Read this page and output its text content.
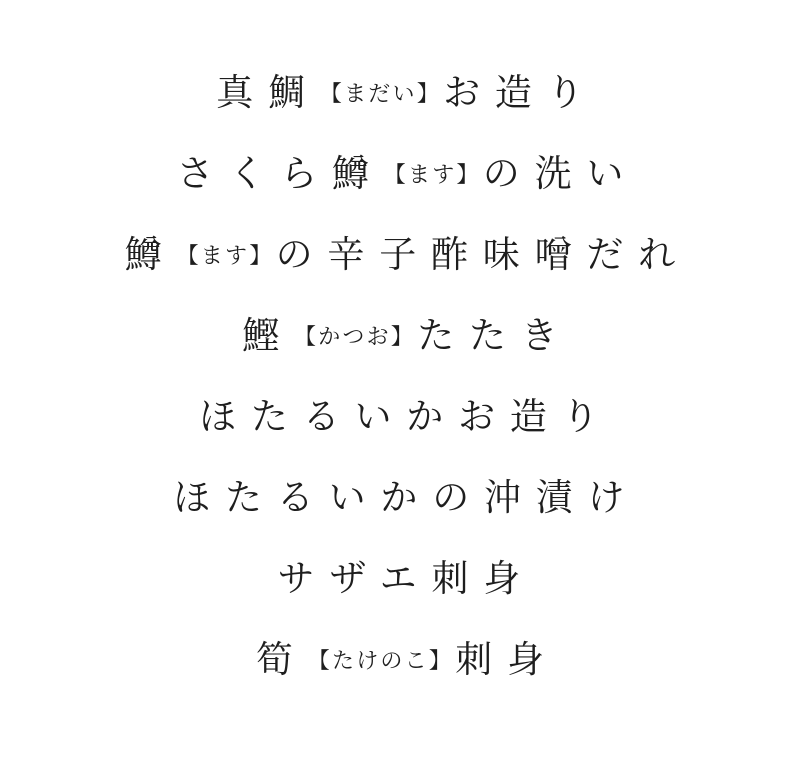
真鯛 【まだい】 お造り
さくら鱒 【ます】 の洗い
鱒 【ます】 の辛子酢味噌だれ
鰹 【かつお】 たたき
ほたるいかお造り
ほたるいかの沖漬け
サザエ刺身
筍 【たけのこ】 刺身
